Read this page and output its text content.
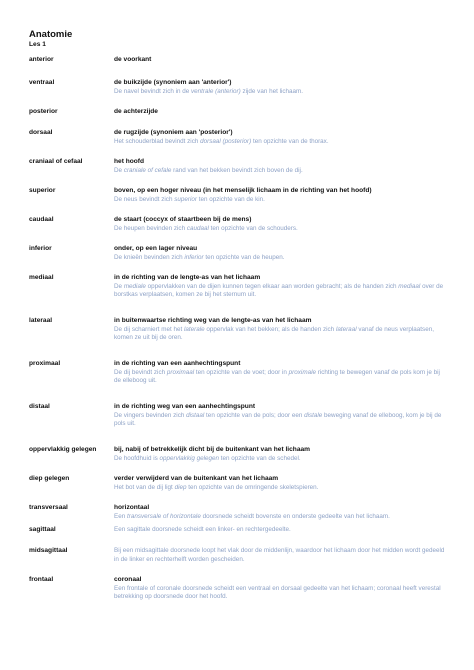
Anatomie
Les 1
anterior	de voorkant
ventraal	de buikzijde (synoniem aan 'anterior')
De navel bevindt zich in de ventrale (anterior) zijde van het lichaam.
posterior	de achterzijde
dorsaal	de rugzijde (synoniem aan 'posterior')
Het schouderblad bevindt zich dorsaal (posterior) ten opzichte van de thorax.
craniaal of cefaal	het hoofd
De craniale of cefale rand van het bekken bevindt zich boven de dij.
superior	boven, op een hoger niveau (in het menselijk lichaam in de richting van het hoofd)
De neus bevindt zich superior ten opzichte van de kin.
caudaal	de staart (coccyx of staartbeen bij de mens)
De heupen bevinden zich caudaal ten opzichte van de schouders.
inferior	onder, op een lager niveau
De knieën bevinden zich inferior ten opzichte van de heupen.
mediaal	in de richting van de lengte-as van het lichaam
De mediale oppervlakken van de dijen kunnen tegen elkaar aan worden gebracht; als de handen zich mediaal over de borstkas verplaatsen, komen ze bij het sternum uit.
lateraal	in buitenwaartse richting weg van de lengte-as van het lichaam
De dij scharniert met het laterale oppervlak van het bekken; als de handen zich lateraal vanaf de neus verplaatsen, komen ze uit bij de oren.
proximaal	in de richting van een aanhechtingspunt
De dij bevindt zich proximaal ten opzichte van de voet; door in proximale richting te bewegen vanaf de pols kom je bij de elleboog uit.
distaal	in de richting weg van een aanhechtingspunt
De vingers bevinden zich distaal ten opzichte van de pols; door een distale beweging vanaf de elleboog, kom je bij de pols uit.
oppervlakkig gelegen	bij, nabij of betrekkelijk dicht bij de buitenkant van het lichaam
De hoofdhuid is oppervlakkig gelegen ten opzichte van de schedel.
diep gelegen	verder verwijderd van de buitenkant van het lichaam
Het bot van de dij ligt diep ten opzichte van de omringende skeletspieren.
transversaal	horizontaal
Een transversale of horizontale doorsnede scheidt bovenste en onderste gedeelte van het lichaam.
sagittaal	Een sagittale doorsnede scheidt een linker- en rechtergedeelte.
midsagittaal	Bij een midsagittale doorsnede loopt het vlak door de middenlijn, waardoor het lichaam door het midden wordt gedeeld in de linker en rechterhelft worden gescheiden.
frontaal	coronaal
Een frontale of coronale doorsnede scheidt een ventraal en dorsaal gedeelte van het lichaam; coronaal heeft verestal betrekking op doorsnede door het hoofd.
